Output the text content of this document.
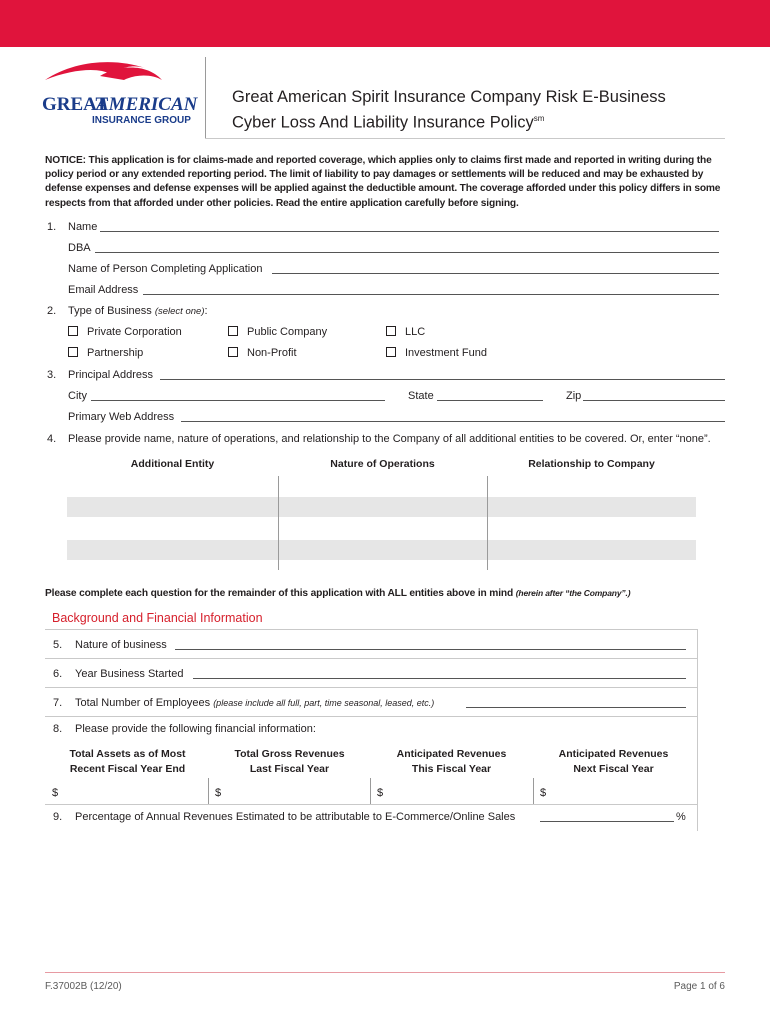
GREAT
AMERICAN
INSURANCE GROUP
Great American Spirit Insurance Company Risk E-Business
Cyber Loss And Liability Insurance Policy$^{sm}$
NOTICE: This application is for claims-made and reported coverage, which applies only to claims first made and reported in writing during the policy period or any extended reporting period. The limit of liability to pay damages or settlements will be reduced and may be exhausted by defense expenses and defense expenses will be applied against the deductible amount. The coverage afforded under this policy differs in some respects from that afforded under other policies. Read the entire application carefully before signing.
1. Name
DBA
Name of Person Completing Application
Email Address
2. Type of Business (select one):
Private Corporation	Public Company	LLC
Partnership	Non-Profit	Investment Fund
3. Principal Address
City	State	Zip
Primary Web Address
4. Please provide name, nature of operations, and relationship to the Company of all additional entities to be covered. Or, enter “none”.
Additional Entity	Nature of Operations	Relationship to Company
Please complete each question for the remainder of this application with ALL entities above in mind (herein after “the Company”.)
Background and Financial Information
5. Nature of business
6. Year Business Started
7. Total Number of Employees (please include all full, part, time seasonal, leased, etc.)
8. Please provide the following financial information:
Total Assets as of Most
Recent Fiscal Year End
Total Gross Revenues
Last Fiscal Year
Anticipated Revenues
This Fiscal Year
Anticipated Revenues
Next Fiscal Year
$	$	$	$
9. Percentage of Annual Revenues Estimated to be attributable to E-Commerce/Online Sales	%
F.37002B (12/20)	Page 1 of 6
